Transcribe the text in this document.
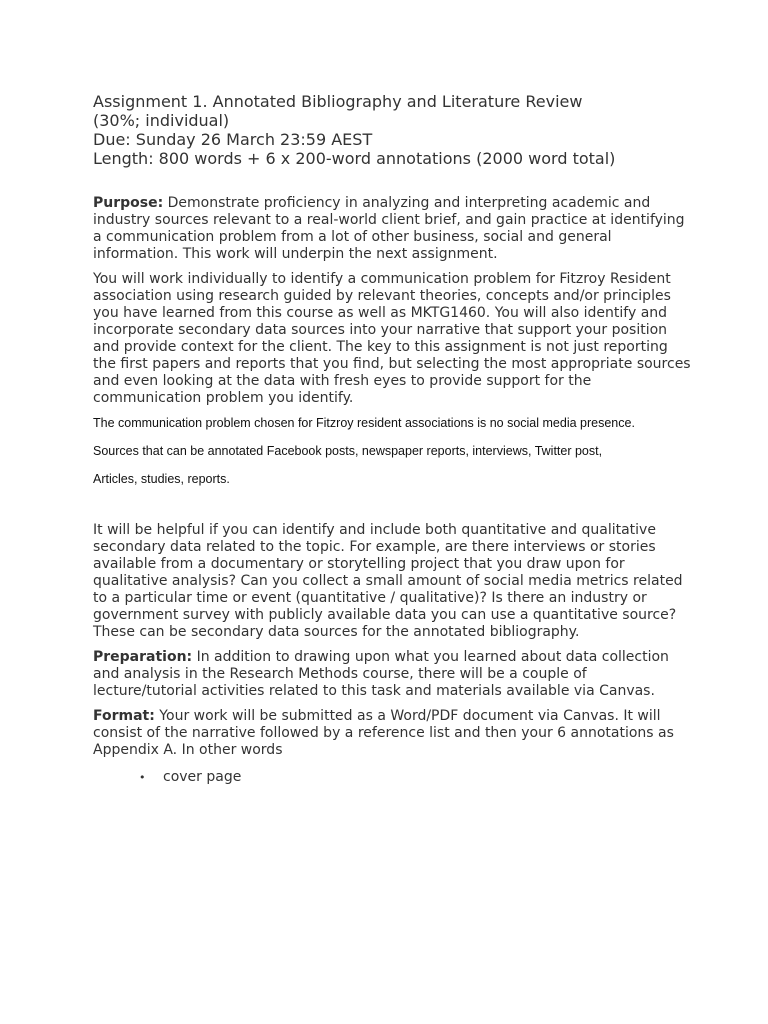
Assignment 1. Annotated Bibliography and Literature Review

(30%; individual)

Due: Sunday 26 March 23:59 AEST

Length: 800 words + 6 x 200-word annotations (2000 word total)

Purpose: Demonstrate proficiency in analyzing and interpreting academic and industry sources relevant to a real-world client brief, and gain practice at identifying a communication problem from a lot of other business, social and general information. This work will underpin the next assignment.

You will work individually to identify a communication problem for Fitzroy Resident association using research guided by relevant theories, concepts and/or principles you have learned from this course as well as MKTG1460. You will also identify and incorporate secondary data sources into your narrative that support your position and provide context for the client. The key to this assignment is not just reporting the first papers and reports that you find, but selecting the most appropriate sources and even looking at the data with fresh eyes to provide support for the communication problem you identify.

The communication problem chosen for Fitzroy resident associations is no social media presence.

Sources that can be annotated Facebook posts, newspaper reports, interviews, Twitter post,

Articles, studies, reports.

It will be helpful if you can identify and include both quantitative and qualitative secondary data related to the topic. For example, are there interviews or stories available from a documentary or storytelling project that you draw upon for qualitative analysis? Can you collect a small amount of social media metrics related to a particular time or event (quantitative / qualitative)? Is there an industry or government survey with publicly available data you can use a quantitative source? These can be secondary data sources for the annotated bibliography.

Preparation: In addition to drawing upon what you learned about data collection and analysis in the Research Methods course, there will be a couple of lecture/tutorial activities related to this task and materials available via Canvas.

Format: Your work will be submitted as a Word/PDF document via Canvas. It will consist of the narrative followed by a reference list and then your 6 annotations as Appendix A. In other words

• cover page
